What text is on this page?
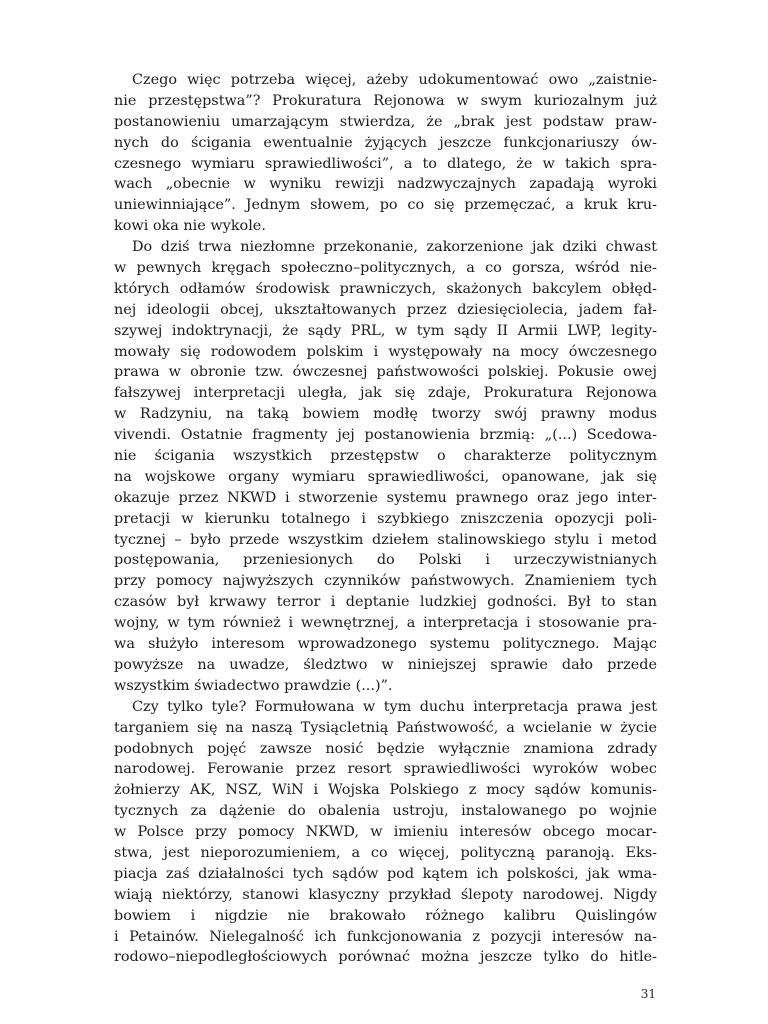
Czego więc potrzeba więcej, ażeby udokumentować owo „zaistnie-
nie przestępstwa”? Prokuratura Rejonowa w swym kuriozalnym już
postanowieniu umarzającym stwierdza, że „brak jest podstaw praw-
nych do ścigania ewentualnie żyjących jeszcze funkcjonariuszy ów-
czesnego wymiaru sprawiedliwości”, a to dlatego, że w takich spra-
wach „obecnie w wyniku rewizji nadzwyczajnych zapadają wyroki
uniewinniające”. Jednym słowem, po co się przemęczać, a kruk kru-
kowi oka nie wykole.
Do dziś trwa niezłomne przekonanie, zakorzenione jak dziki chwast
w pewnych kręgach społeczno–politycznych, a co gorsza, wśród nie-
których odłamów środowisk prawniczych, skażonych bakcylem obłęd-
nej ideologii obcej, ukształtowanych przez dziesięciolecia, jadem fał-
szywej indoktrynacji, że sądy PRL, w tym sądy II Armii LWP, legity-
mowały się rodowodem polskim i występowały na mocy ówczesnego
prawa w obronie tzw. ówczesnej państwowości polskiej. Pokusie owej
fałszywej interpretacji uległa, jak się zdaje, Prokuratura Rejonowa
w Radzyniu, na taką bowiem modłę tworzy swój prawny modus
vivendi. Ostatnie fragmenty jej postanowienia brzmią: „(...) Scedowa-
nie ścigania wszystkich przestępstw o charakterze politycznym
na wojskowe organy wymiaru sprawiedliwości, opanowane, jak się
okazuje przez NKWD i stworzenie systemu prawnego oraz jego inter-
pretacji w kierunku totalnego i szybkiego zniszczenia opozycji poli-
tycznej – było przede wszystkim dziełem stalinowskiego stylu i metod
postępowania, przeniesionych do Polski i urzeczywistnianych
przy pomocy najwyższych czynników państwowych. Znamieniem tych
czasów był krwawy terror i deptanie ludzkiej godności. Był to stan
wojny, w tym również i wewnętrznej, a interpretacja i stosowanie pra-
wa służyło interesom wprowadzonego systemu politycznego. Mając
powyższe na uwadze, śledztwo w niniejszej sprawie dało przede
wszystkim świadectwo prawdzie (...)”.
Czy tylko tyle? Formułowana w tym duchu interpretacja prawa jest
targaniem się na naszą Tysiącletnią Państwowość, a wcielanie w życie
podobnych pojęć zawsze nosić będzie wyłącznie znamiona zdrady
narodowej. Ferowanie przez resort sprawiedliwości wyroków wobec
żołnierzy AK, NSZ, WiN i Wojska Polskiego z mocy sądów komunis-
tycznych za dążenie do obalenia ustroju, instalowanego po wojnie
w Polsce przy pomocy NKWD, w imieniu interesów obcego mocar-
stwa, jest nieporozumieniem, a co więcej, polityczną paranoją. Eks-
piacja zaś działalności tych sądów pod kątem ich polskości, jak wma-
wiają niektórzy, stanowi klasyczny przykład ślepoty narodowej. Nigdy
bowiem i nigdzie nie brakowało różnego kalibru Quislingów
i Petainów. Nielegalność ich funkcjonowania z pozycji interesów na-
rodowo–niepodległościowych porównać można jeszcze tylko do hitle-
31
